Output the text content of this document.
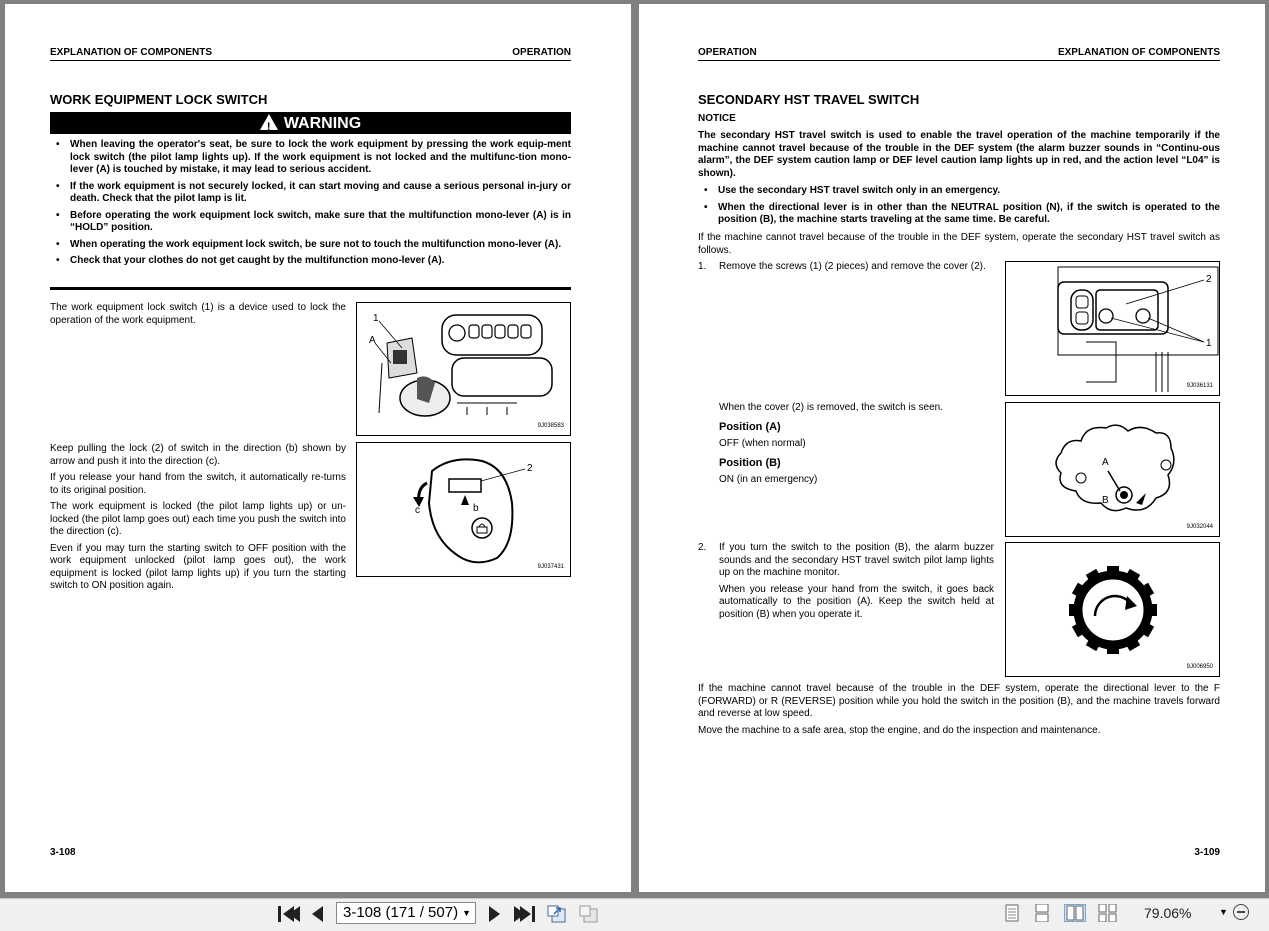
EXPLANATION OF COMPONENTS	OPERATION
WORK EQUIPMENT LOCK SWITCH
!WARNING
• When leaving the operator's seat, be sure to lock the work equipment by pressing the work equip-ment lock switch (the pilot lamp lights up). If the work equipment is not locked and the multifunc-tion mono-lever (A) is touched by mistake, it may lead to serious accident.
• If the work equipment is not securely locked, it can start moving and cause a serious personal in-jury or death. Check that the pilot lamp is lit.
• Before operating the work equipment lock switch, make sure that the multifunction mono-lever (A) is in “HOLD” position.
• When operating the work equipment lock switch, be sure not to touch the multifunction mono-lever (A).
• Check that your clothes do not get caught by the multifunction mono-lever (A).

The work equipment lock switch (1) is a device used to lock the operation of the work equipment.	1
A
9J038583

Keep pulling the lock (2) of switch in the direction (b) shown by arrow and push it into the direction (c).

If you release your hand from the switch, it automatically re-turns to its original position.

The work equipment is locked (the pilot lamp lights up) or un-locked (the pilot lamp goes out) each time you push the switch into the direction (c).

Even if you may turn the starting switch to OFF position with the work equipment unlocked (pilot lamp goes out), the work equipment is locked (pilot lamp lights up) if you turn the starting switch to ON position again.

2
c	b
9J037431
3-108
OPERATION	EXPLANATION OF COMPONENTS
SECONDARY HST TRAVEL SWITCH
NOTICE
The secondary HST travel switch is used to enable the travel operation of the machine temporarily if the machine cannot travel because of the trouble in the DEF system (the alarm buzzer sounds in “Continu-ous alarm”, the DEF system caution lamp or DEF level caution lamp lights up in red, and the action level “L04” is shown).
• Use the secondary HST travel switch only in an emergency.
• When the directional lever is in other than the NEUTRAL position (N), if the switch is operated to the position (B), the machine starts traveling at the same time. Be careful.
If the machine cannot travel because of the trouble in the DEF system, operate the secondary HST travel switch as follows.
1. Remove the screws (1) (2 pieces) and remove the cover (2).

2
1
9J036131

When the cover (2) is removed, the switch is seen.

Position (A)

OFF (when normal)

Position (B)

ON (in an emergency)

A
B
9J032044
2. If you turn the switch to the position (B), the alarm buzzer sounds and the secondary HST travel switch pilot lamp lights up on the machine monitor.

When you release your hand from the switch, it goes back automatically to the position (A). Keep the switch held at position (B) when you operate it.

9J006950

If the machine cannot travel because of the trouble in the DEF system, operate the directional lever to the F (FORWARD) or R (REVERSE) position while you hold the switch in the position (B), and the machine travels forward and reverse at low speed.

Move the machine to a safe area, stop the engine, and do the inspection and maintenance.

3-109
3-108 (171 / 507) ▼	79.06%	▼
